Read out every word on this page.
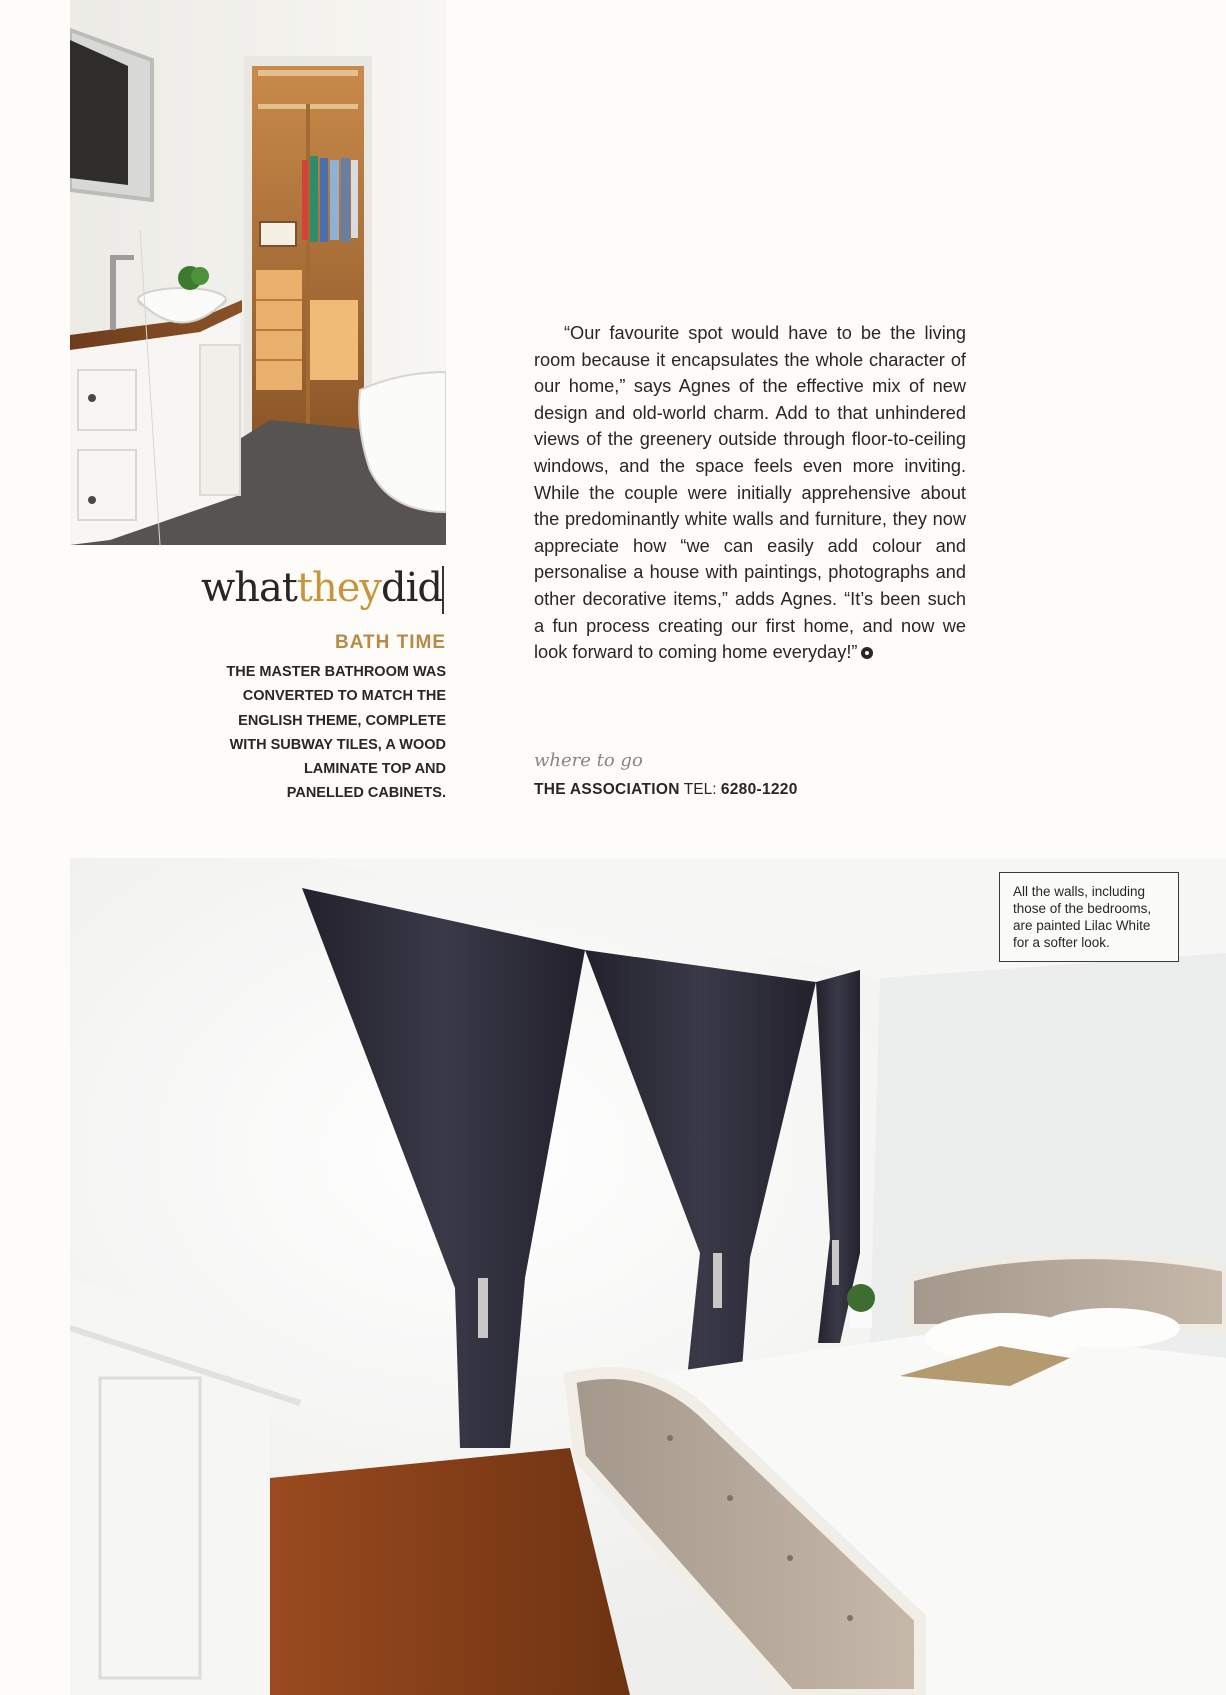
whattheydid
BATH TIME
THE MASTER BATHROOM WAS
CONVERTED TO MATCH THE
ENGLISH THEME, COMPLETE
WITH SUBWAY TILES, A WOOD
LAMINATE TOP AND
PANELLED CABINETS.
“Our favourite spot would have to be the living room because it encapsulates the whole character of our home,” says Agnes of the effective mix of new design and old-world charm. Add to that unhindered views of the greenery outside through floor-to-ceiling windows, and the space feels even more inviting. While the couple were initially apprehensive about the predominantly white walls and furniture, they now appreciate how “we can easily add colour and personalise a house with paintings, photographs and other decorative items,” adds Agnes. “It’s been such a fun process creating our first home, and now we look forward to coming home everyday!”
where to go
THE ASSOCIATION TEL: 6280-1220
All the walls, including
those of the bedrooms,
are painted Lilac White
for a softer look.
